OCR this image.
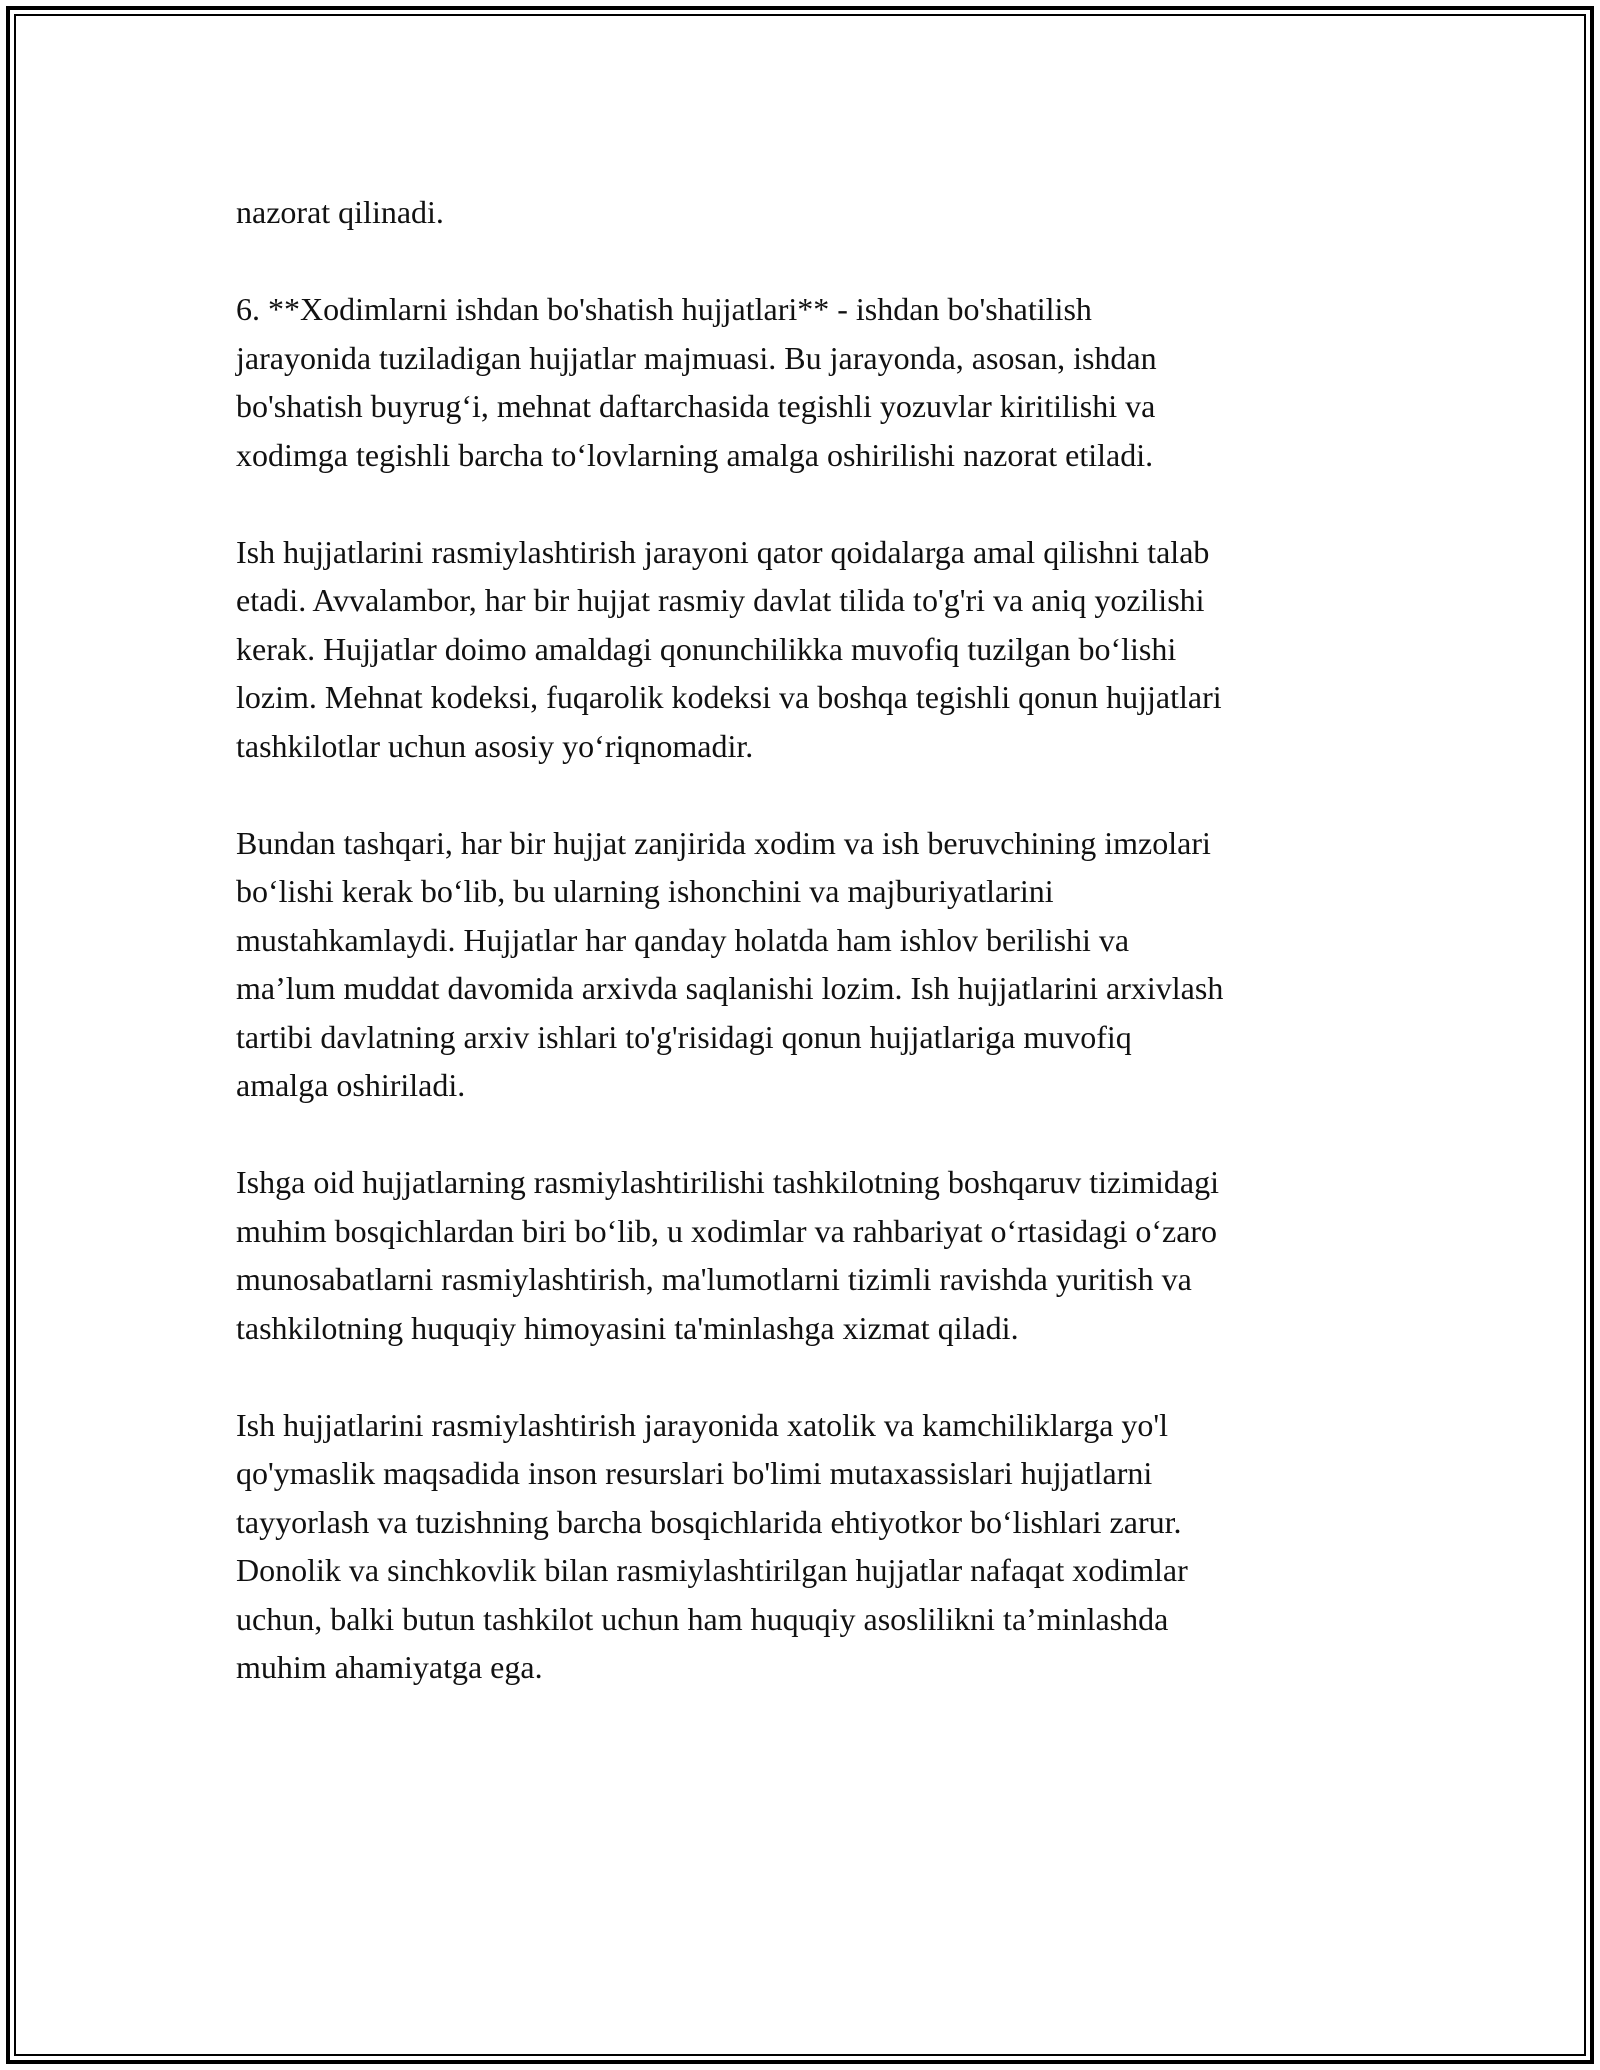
nazorat qilinadi.

6. **Xodimlarni ishdan bo'shatish hujjatlari** - ishdan bo'shatilish
jarayonida tuziladigan hujjatlar majmuasi. Bu jarayonda, asosan, ishdan
bo'shatish buyrug‘i, mehnat daftarchasida tegishli yozuvlar kiritilishi va
xodimga tegishli barcha to‘lovlarning amalga oshirilishi nazorat etiladi.

Ish hujjatlarini rasmiylashtirish jarayoni qator qoidalarga amal qilishni talab
etadi. Avvalambor, har bir hujjat rasmiy davlat tilida to'g'ri va aniq yozilishi
kerak. Hujjatlar doimo amaldagi qonunchilikka muvofiq tuzilgan bo‘lishi
lozim. Mehnat kodeksi, fuqarolik kodeksi va boshqa tegishli qonun hujjatlari
tashkilotlar uchun asosiy yo‘riqnomadir.

Bundan tashqari, har bir hujjat zanjirida xodim va ish beruvchining imzolari
bo‘lishi kerak bo‘lib, bu ularning ishonchini va majburiyatlarini
mustahkamlaydi. Hujjatlar har qanday holatda ham ishlov berilishi va
ma’lum muddat davomida arxivda saqlanishi lozim. Ish hujjatlarini arxivlash
tartibi davlatning arxiv ishlari to'g'risidagi qonun hujjatlariga muvofiq
amalga oshiriladi.

Ishga oid hujjatlarning rasmiylashtirilishi tashkilotning boshqaruv tizimidagi
muhim bosqichlardan biri bo‘lib, u xodimlar va rahbariyat o‘rtasidagi o‘zaro
munosabatlarni rasmiylashtirish, ma'lumotlarni tizimli ravishda yuritish va
tashkilotning huquqiy himoyasini ta'minlashga xizmat qiladi.

Ish hujjatlarini rasmiylashtirish jarayonida xatolik va kamchiliklarga yo'l
qo'ymaslik maqsadida inson resurslari bo'limi mutaxassislari hujjatlarni
tayyorlash va tuzishning barcha bosqichlarida ehtiyotkor bo‘lishlari zarur.
Donolik va sinchkovlik bilan rasmiylashtirilgan hujjatlar nafaqat xodimlar
uchun, balki butun tashkilot uchun ham huquqiy asoslilikni ta’minlashda
muhim ahamiyatga ega.
